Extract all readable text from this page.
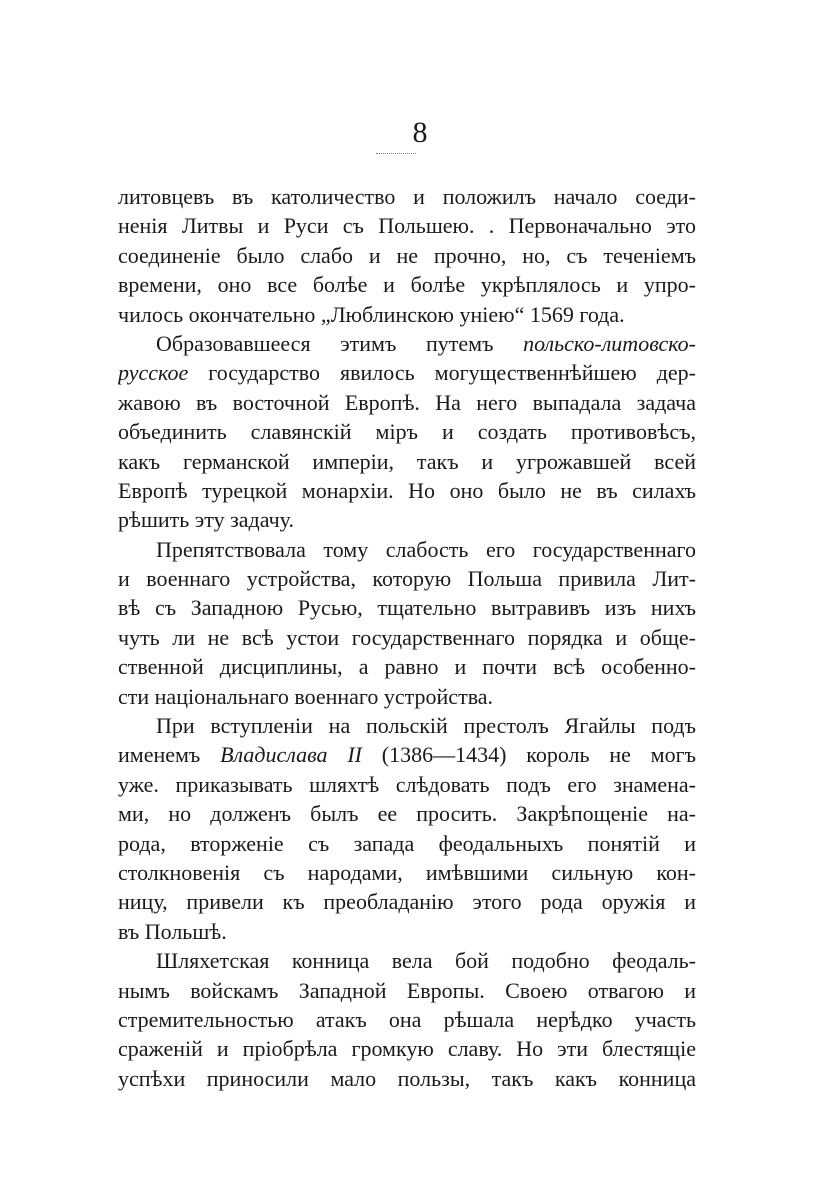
8
литовцевъ въ католичество и положилъ начало соеди-
ненія Литвы и Руси съ Польшею. . Первоначально это
соединеніе было слабо и не прочно, но, съ теченіемъ
времени, оно все болѣе и болѣе укрѣплялось и упро-
чилось окончательно „Люблинскою уніею“ 1569 года.
Образовавшееся этимъ путемъ польско-литовско-
русское государство явилось могущественнѣйшею дер-
жавою въ восточной Европѣ. На него выпадала задача
объединить славянскій міръ и создать противовѣсъ,
какъ германской имперіи, такъ и угрожавшей всей
Европѣ турецкой монархіи. Но оно было не въ силахъ
рѣшить эту задачу.
Препятствовала тому слабость его государственнаго
и военнаго устройства, которую Польша привила Лит-
вѣ съ Западною Русью, тщательно вытравивъ изъ нихъ
чуть ли не всѣ устои государственнаго порядка и обще-
ственной дисциплины, а равно и почти всѣ особенно-
сти національнаго военнаго устройства.
При вступленіи на польскій престолъ Ягайлы подъ
именемъ Владислава II (1386—1434) король не могъ
уже. приказывать шляхтѣ слѣдовать подъ его знамена-
ми, но долженъ былъ ее просить. Закрѣпощеніе на-
рода, вторженіе съ запада феодальныхъ понятій и
столкновенія съ народами, имѣвшими сильную кон-
ницу, привели къ преобладанію этого рода оружія и
въ Польшѣ.
Шляхетская конница вела бой подобно феодаль-
нымъ войскамъ Западной Европы. Своею отвагою и
стремительностью атакъ она рѣшала нерѣдко участь
сраженій и пріобрѣла громкую славу. Но эти блестящіе
успѣхи приносили мало пользы, такъ какъ конница
